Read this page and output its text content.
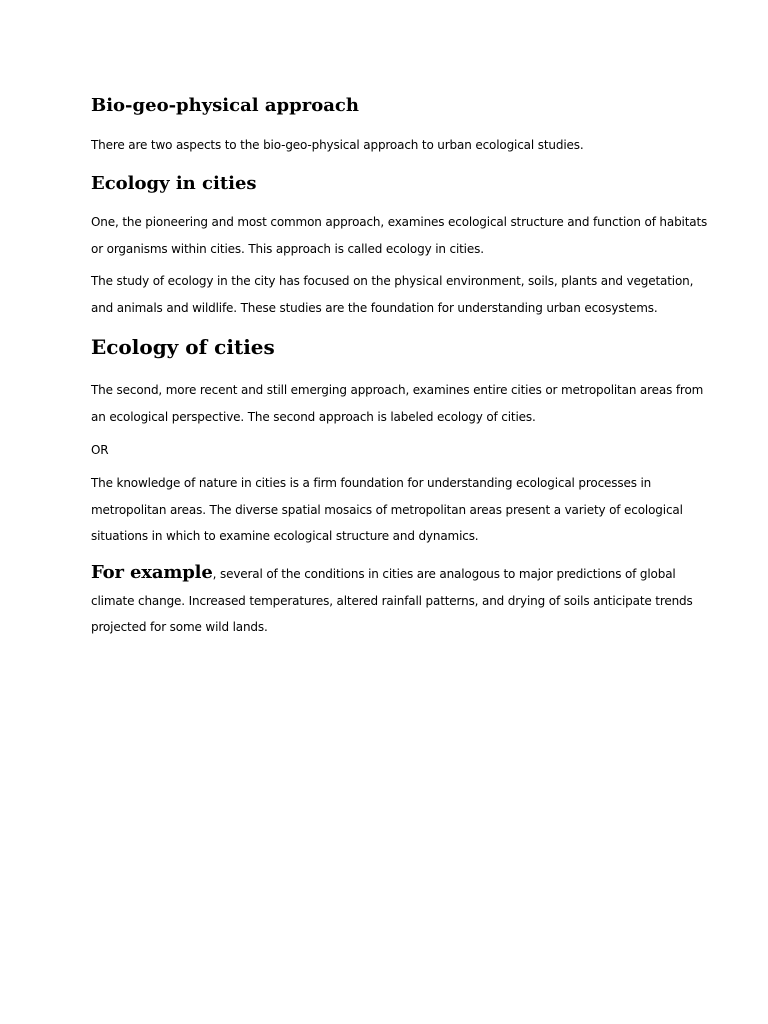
Bio-geo-physical approach

There are two aspects to the bio-geo-physical approach to urban ecological studies.

Ecology in cities

One, the pioneering and most common approach, examines ecological structure and function of habitats

or organisms within cities. This approach is called ecology in cities.

The study of ecology in the city has focused on the physical environment, soils, plants and vegetation,

and animals and wildlife. These studies are the foundation for understanding urban ecosystems.

Ecology of cities

The second, more recent and still emerging approach, examines entire cities or metropolitan areas from

an ecological perspective. The second approach is labeled ecology of cities.

OR

The knowledge of nature in cities is a firm foundation for understanding ecological processes in

metropolitan areas. The diverse spatial mosaics of metropolitan areas present a variety of ecological

situations in which to examine ecological structure and dynamics.

For example, several of the conditions in cities are analogous to major predictions of global

climate change. Increased temperatures, altered rainfall patterns, and drying of soils anticipate trends

projected for some wild lands.
